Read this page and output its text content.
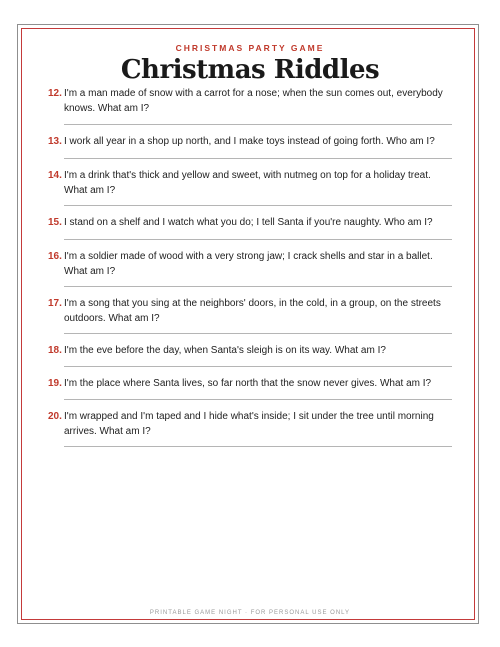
CHRISTMAS PARTY GAME
Christmas Riddles
12. I'm a man made of snow with a carrot for a nose; when the sun comes out, everybody knows. What am I?
13. I work all year in a shop up north, and I make toys instead of going forth. Who am I?
14. I'm a drink that's thick and yellow and sweet, with nutmeg on top for a holiday treat. What am I?
15. I stand on a shelf and I watch what you do; I tell Santa if you're naughty. Who am I?
16. I'm a soldier made of wood with a very strong jaw; I crack shells and star in a ballet. What am I?
17. I'm a song that you sing at the neighbors' doors, in the cold, in a group, on the streets outdoors. What am I?
18. I'm the eve before the day, when Santa's sleigh is on its way. What am I?
19. I'm the place where Santa lives, so far north that the snow never gives. What am I?
20. I'm wrapped and I'm taped and I hide what's inside; I sit under the tree until morning arrives. What am I?
PRINTABLE GAME NIGHT · FOR PERSONAL USE ONLY
